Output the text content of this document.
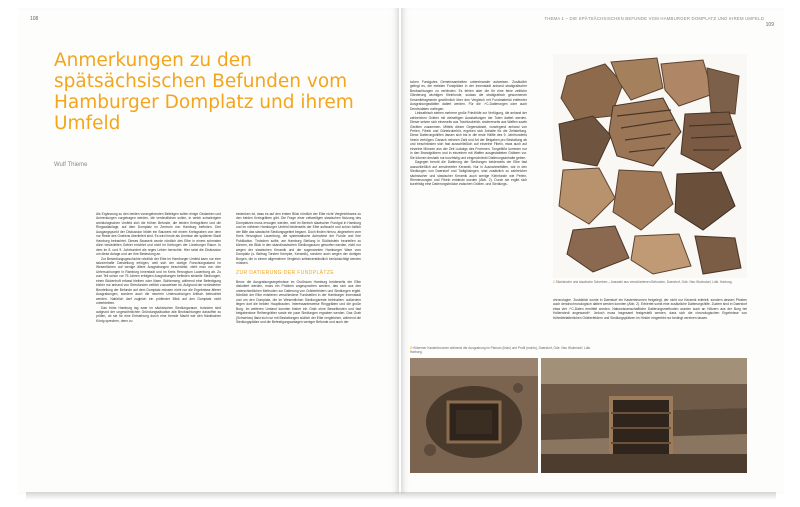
108
Anmerkungen zu den spätsächsischen Befunden vom Hamburger Domplatz und ihrem Umfeld
Wulf Thieme

Als Ergänzung zu den beiden vorangehenden Beiträgen sollen einige Gedanken und Anmerkungen vorgetragen werden, die verdeutlichen sollen, in welch schwierigem archäologischen Umfeld sich die frühen Befunde, die beiden Kreisgräben und die Ringwallanlage, auf dem Domplatz im Zentrum von Hamburg befinden. Den Ausgangspunkt der Diskussion bildet ein Bauwerk mit einem Kreisgraben von dem nur Reste des Grabens überliefert sind. Es wird heute als Umrisse der späteren Stadt Hamburg betrachtet. Dieses Bauwerk wurde nördlich des Elbe in einem schmalen dünn besiedelten Gebiet errichtet und nicht im Kerbogen der Lüneburger Raum. In dem im 8. und 9. Jahrhundert als reges Leben herrschte. Hier setzt die Diskussion um diese Anlage und um ihre Bedeutung an.

Zur Besiedlungsgeschichte nördlich der Elbe im Hamburger Umfeld kann nur eine skizzenhafte Darstellung erfolgen, weil sich der dortige Forschungsstand im Wesentlichen auf wenige ältere Ausgrabungen beschränkt, zieht man von den Untersuchungen in Ramburg Innerstadt und im Kreis Herzogtum Lauenburg ab. Zu zum Teil schon vor 75 Jahren erfolgten Ausgrabungen befinden sieizeile Siedlungen, einen Bickenhoft erfasst bleiben oder lösen. Bohlenweg, während eine Befestigung bisher nur anhand von Streufunden zeitlich zuzuweisen ist. Aufgrund der veränderten Beurteilung der Befunde auf dem Domplatz müssen nicht nur die Ergebnisse älterer Ausgrabungen, sondern auch die neueren Untersuchungen kritisch beleuchtet werden. Natürlich darf zugleich ein prüfender Blick auf den Domplatz nicht unterbleiben.

Das frühe Hamburg lag zwar im sächsischen Siedlungsraum, trotzdem sind aufgrund der ungewöhnlichen Gründungssituation alle Beobachtungen daraufhin zu prüfen, ob sie für eine Entstehung durch eine fremde Macht wie den fränkischen König sprechen, denn zu

bedenken ist, dass es auf den ersten Blick nördlich der Elbe nicht Vergleichbares zu den beiden Kreisgräben gibt. Die Frage einer zeitweiligen slawischen Nutzung des Domplatzes muss erwogen werden, weil im Bereich slawischer Fundgut in Hamburg und im näheren Hamburger Umfeld beiderseits der Elbe auftaucht und schon östlich der Bille das slawische Siedlungsgebiet begann. Doch finden hierzu, abgesehen vom Kreis Herzogtum Lauenburg, die systematische Aufnahme der Funde und ihre Publikation. Trotzdem sollte, am Hamburg Stellung in Südholstein beurteilen zu können, ein Blick in den skandinavischen Siedlungsraum geworfen werden, nicht nur wegen der slawischen Keramik und der sogenannten Hamburger Ware vom Domplatz (s. Beitrag Torsten Kempke, Keramik), sondern auch wegen der dortigen Burgen, die in einem allgemeinen Vergleich selbstverständlich berücksichtigt werden müssen.

ZUR DATIERUNG DER FUNDPLÄTZE

Bevor die Ausgrabungsergebnisse im Großraum Hamburg beiderseits der Elbe diskutiert werden, muss ein Problem angesprochen werden, das sich aus den unterschiedlichen Methoden zur Datierung von Gräberfeldern und Siedlungen ergibt. Nördlich der Elbe existieren verschiedene Fundstellen in der Hamburger Innenstadt und um den Domplatz, die im Wesentlichen Siedlungsreste beinhalten: außerdem liegen dort die beiden Hauptbauten. Interessanterweise Ringgräben und die große Burg. Im weiteren Umland konnten bisher ein Grab ohne Beweifunden und fast beigabenlose Reihengräber sowie ein paar Siedlungen ergraben werden. Das Grab (Schwelow) lässt sich nur mit Bestattungen südlich der Elbe vergleichen, während die Siedlungsplätze und die Befestigungsanlagen weniger Befunde und auch der

THEMA 1 – DIE SPÄTSÄCHSISCHEN BEFUNDE VOM HAMBURGER DOMPLATZ UND IHREM UMFELD
109

schen Fundgutes Gemeinsamkeiten untereinander aufweisen. Zusätzlich gelingt es, die meisten Fundplätze in der Innenstadt anhand stratigrafischer Beobachtungen zu verbinden. Es fehlen aber die für eine feine zeitliche Gliederung wichtigen Kleinfunde, sodass die stratigrafisch gewonnenen Keramikfragmente gewöhnlich über den Vergleich mit Fundmaterial entfernter Ausgrabungsstätten datiert werden. Für die ¹⁴C-Datierungen oder auch Dendrodaten vorliegen.

Linkselbisch stehen mehrere große Friedhöfe zur Verfügung, die anhand der zahlreichen Gräber mit vielseitigen Ausstattungen der Toten datiert werden. Dieser setzen sich einerseits aus Trachtzubehör, andererseits aus Waffen sowie Geräten zusammen. Mittels dieser Gegenstände, vorwiegend anhand von Perlen, Fibeln und Gürtelzubehör, ergeben sich Anhalte für die Zeitstellung. Diese Datierungshilfen lassen sich bis in die erste Hälfte des 9. Jahrhunderts hinein verfolgen. Danach nehmen Zahl und Art der Beigaben pro Bestattung ab und beschränken sich fast ausschließlich auf einzelne Fibeln, etwa auch auf einzelne Münzen aus der Zeit Ludwigs des Frommen. Tongefäße kommen nur in den Brandgräbern und in einzelnen mit Waffen ausgestatteten Gräbern vor. Sie können deshalb nur kurzfristig und eingeschränkt Datierungsanhalte geben.

Dagegen beruht die Datierung der Siedlungen beiderseits der Elbe fast ausschließlich auf zerscherbter Keramik. Nur in Ausnahmefällen, wie in den Siedlungen von Daerstorf und Todtglüsingen, sind zusätzlich zu zahlreicher sächsischer und slawischer Keramik auch wenige Kleinfunde wie Perlen, Riemenzungen und Fibeln entdeckt worden (Abb. 2). Durch sie ergibt sich kurzfristig eine Datierungsbrücke zwischen Gräber- und Siedlungs-

1 Sächsische und slawische Scherben – Auswahl aus verschiedenen Befunden, Daerstorf, Gde. Neu Wulmstorf, Ldkr. Harburg.

chronologie³. Zusätzlich wurde in Daerstorf ein Kastenbrunnen freigelegt, der nicht nur Keramik enthielt, sondern dessen Pfosten auch dendrochronologisch datiert werden konnten (Abb. 2). Erbiertet somit eine zusätzliche Datierungshilfe. Zudem sind in Daerstorf etwa vier ¹⁴C-Daten ermittelt worden. Naturwissenschaftliche Datierungsmethoden wurden auch an Hölzern aus der Burg bei Hollenstedt angewandt⁴. Jedoch muss insgesamt festgestellt werden, dass sich die chronologischen Ergebnisse von frühmittelalterlichen Gräberfeldern und Siedlungsplätzen im Hinder eingeebbt nur bedingt vereinen lassen.

2 Hölzerner Kastenbrunnen während der Ausgrabung im Planum (links) und Profil (rechts), Daerstorf, Gde. Neu Wulmstorf, Ldkr. Harburg.
